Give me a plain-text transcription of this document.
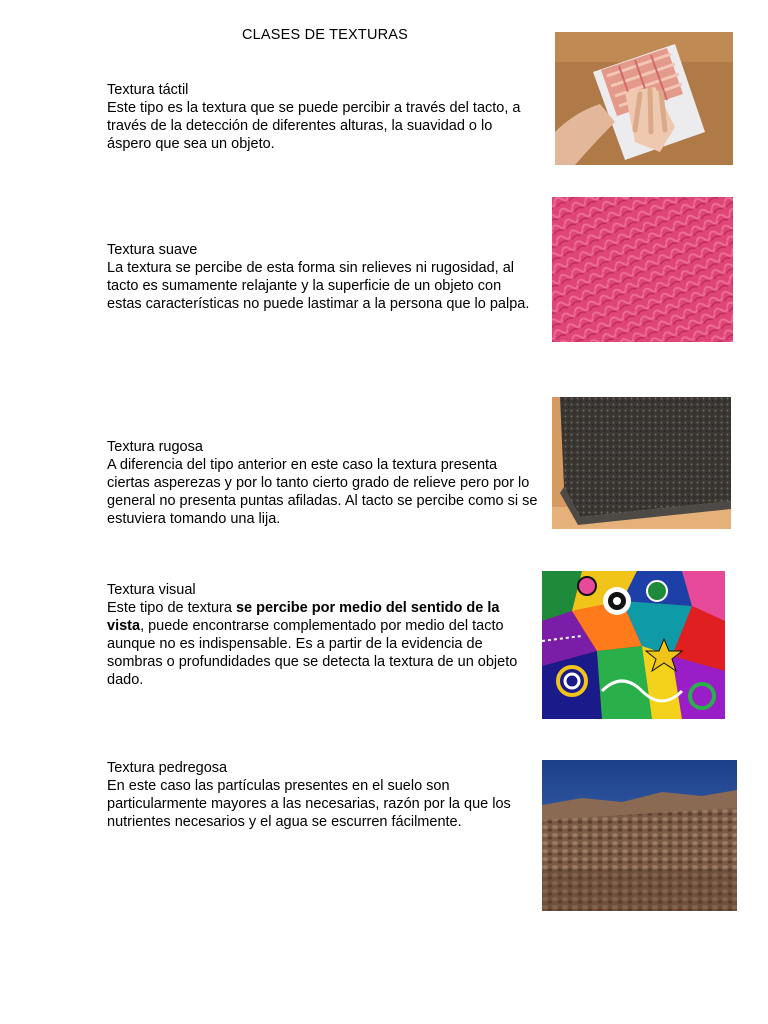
CLASES DE TEXTURAS

Textura táctil

Este tipo es la textura que se puede percibir a través del tacto, a través de la detección de diferentes alturas, la suavidad o lo áspero que sea un objeto.

Textura suave

La textura se percibe de esta forma sin relieves ni rugosidad, al tacto es sumamente relajante y la superficie de un objeto con estas características no puede lastimar a la persona que lo palpa.

Textura rugosa

A diferencia del tipo anterior en este caso la textura presenta ciertas asperezas y por lo tanto cierto grado de relieve pero por lo general no presenta puntas afiladas. Al tacto se percibe como si se estuviera tomando una lija.

Textura visual

Este tipo de textura se percibe por medio del sentido de la vista, puede encontrarse complementado por medio del tacto aunque no es indispensable. Es a partir de la evidencia de sombras o profundidades que se detecta la textura de un objeto dado.

Textura pedregosa

En este caso las partículas presentes en el suelo son particularmente mayores a las necesarias, razón por la que los nutrientes necesarios y el agua se escurren fácilmente.
